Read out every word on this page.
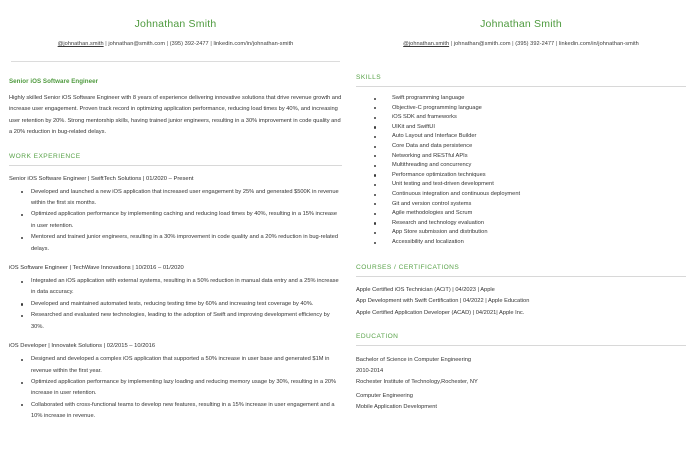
Johnathan Smith
@johnathan.smith | johnathan@smith.com | (395) 392-2477 | linkedin.com/in/johnathan-smith
Senior iOS Software Engineer
Highly skilled Senior iOS Software Engineer with 8 years of experience delivering innovative solutions that drive revenue growth and increase user engagement. Proven track record in optimizing application performance, reducing load times by 40%, and increasing user retention by 20%. Strong mentorship skills, having trained junior engineers, resulting in a 30% improvement in code quality and a 20% reduction in bug-related delays.
WORK EXPERIENCE
Senior iOS Software Engineer | SwiftTech Solutions | 01/2020 – Present
Developed and launched a new iOS application that increased user engagement by 25% and generated $500K in revenue within the first six months.
Optimized application performance by implementing caching and reducing load times by 40%, resulting in a 15% increase in user retention.
Mentored and trained junior engineers, resulting in a 30% improvement in code quality and a 20% reduction in bug-related delays.
iOS Software Engineer | TechWave Innovations | 10/2016 – 01/2020
Integrated an iOS application with external systems, resulting in a 50% reduction in manual data entry and a 25% increase in data accuracy.
Developed and maintained automated tests, reducing testing time by 60% and increasing test coverage by 40%.
Researched and evaluated new technologies, leading to the adoption of Swift and improving development efficiency by 30%.
iOS Developer | Innovatek Solutions | 02/2015 – 10/2016
Designed and developed a complex iOS application that supported a 50% increase in user base and generated $1M in revenue within the first year.
Optimized application performance by implementing lazy loading and reducing memory usage by 30%, resulting in a 20% increase in user retention.
Collaborated with cross-functional teams to develop new features, resulting in a 15% increase in user engagement and a 10% increase in revenue.
Johnathan Smith
@johnathan.smith | johnathan@smith.com | (395) 392-2477 | linkedin.com/in/johnathan-smith
SKILLS
Swift programming language
Objective-C programming language
iOS SDK and frameworks
UIKit and SwiftUI
Auto Layout and Interface Builder
Core Data and data persistence
Networking and RESTful APIs
Multithreading and concurrency
Performance optimization techniques
Unit testing and test-driven development
Continuous integration and continuous deployment
Git and version control systems
Agile methodologies and Scrum
Research and technology evaluation
App Store submission and distribution
Accessibility and localization
COURSES / CERTIFICATIONS
Apple Certified iOS Technician (ACiT) | 04/2023 | Apple
App Development with Swift Certification | 04/2022 | Apple Education
Apple Certified Application Developer (ACAD) | 04/2021| Apple Inc.
EDUCATION
Bachelor of Science in Computer Engineering
2010-2014
Rochester Institute of Technology,Rochester, NY
Computer Engineering
Mobile Application Development
